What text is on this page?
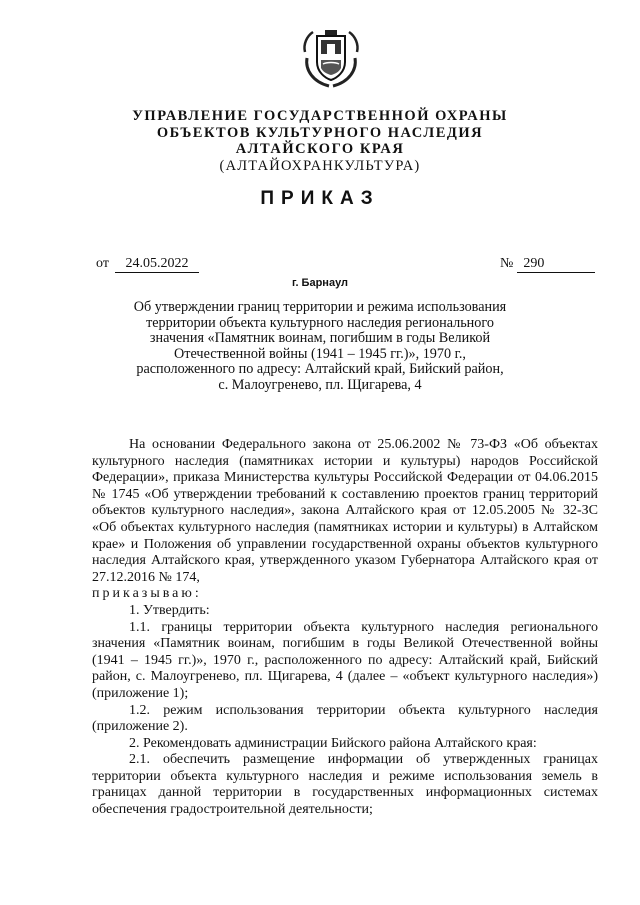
УПРАВЛЕНИЕ ГОСУДАРСТВЕННОЙ ОХРАНЫ
ОБЪЕКТОВ КУЛЬТУРНОГО НАСЛЕДИЯ
АЛТАЙСКОГО КРАЯ
(АЛТАЙОХРАНКУЛЬТУРА)
ПРИКАЗ
от 24.05.2022	№ 290
г. Барнаул
Об утверждении границ территории и режима использования
территории объекта культурного наследия регионального
значения «Памятник воинам, погибшим в годы Великой
Отечественной войны (1941 – 1945 гг.)», 1970 г.,
расположенного по адресу: Алтайский край, Бийский район,
с. Малоугренево, пл. Щигарева, 4

На основании Федерального закона от 25.06.2002 № 73-ФЗ «Об объектах культурного наследия (памятниках истории и культуры) народов Российской Федерации», приказа Министерства культуры Российской Федерации от 04.06.2015 № 1745 «Об утверждении требований к составлению проектов границ территорий объектов культурного наследия», закона Алтайского края от 12.05.2005 № 32-ЗС «Об объектах культурного наследия (памятниках истории и культуры) в Алтайском крае» и Положения об управлении государственной охраны объектов культурного наследия Алтайского края, утвержденного указом Губернатора Алтайского края от 27.12.2016 № 174,

приказываю:

1. Утвердить:

1.1. границы территории объекта культурного наследия регионального значения «Памятник воинам, погибшим в годы Великой Отечественной войны (1941 – 1945 гг.)», 1970 г., расположенного по адресу: Алтайский край, Бийский район, с. Малоугренево, пл. Щигарева, 4 (далее – «объект культурного наследия») (приложение 1);

1.2. режим использования территории объекта культурного наследия (приложение 2).

2. Рекомендовать администрации Бийского района Алтайского края:

2.1. обеспечить размещение информации об утвержденных границах территории объекта культурного наследия и режиме использования земель в границах данной территории в государственных информационных системах обеспечения градостроительной деятельности;
